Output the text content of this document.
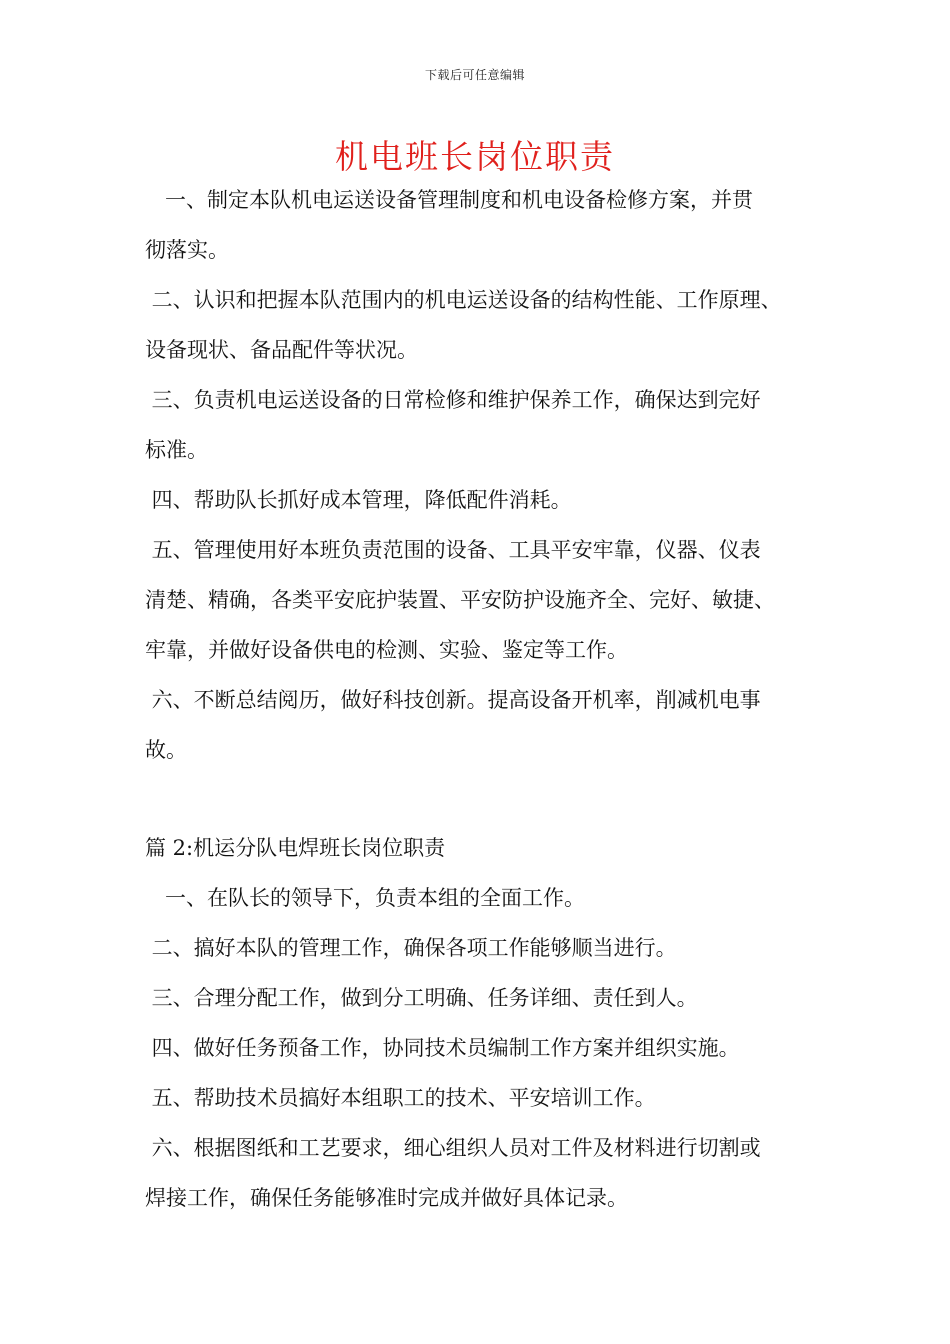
下载后可任意编辑
机电班长岗位职责

一、制定本队机电运送设备管理制度和机电设备检修方案，并贯

彻落实。

二、认识和把握本队范围内的机电运送设备的结构性能、工作原理、

设备现状、备品配件等状况。

三、负责机电运送设备的日常检修和维护保养工作，确保达到完好

标准。

四、帮助队长抓好成本管理，降低配件消耗。

五、管理使用好本班负责范围的设备、工具平安牢靠，仪器、仪表

清楚、精确，各类平安庇护装置、平安防护设施齐全、完好、敏捷、

牢靠，并做好设备供电的检测、实验、鉴定等工作。

六、不断总结阅历，做好科技创新。提高设备开机率，削减机电事

故。

篇 2:机运分队电焊班长岗位职责

一、在队长的领导下，负责本组的全面工作。

二、搞好本队的管理工作，确保各项工作能够顺当进行。

三、合理分配工作，做到分工明确、任务详细、责任到人。

四、做好任务预备工作，协同技术员编制工作方案并组织实施。

五、帮助技术员搞好本组职工的技术、平安培训工作。

六、根据图纸和工艺要求，细心组织人员对工件及材料进行切割或

焊接工作，确保任务能够准时完成并做好具体记录。
